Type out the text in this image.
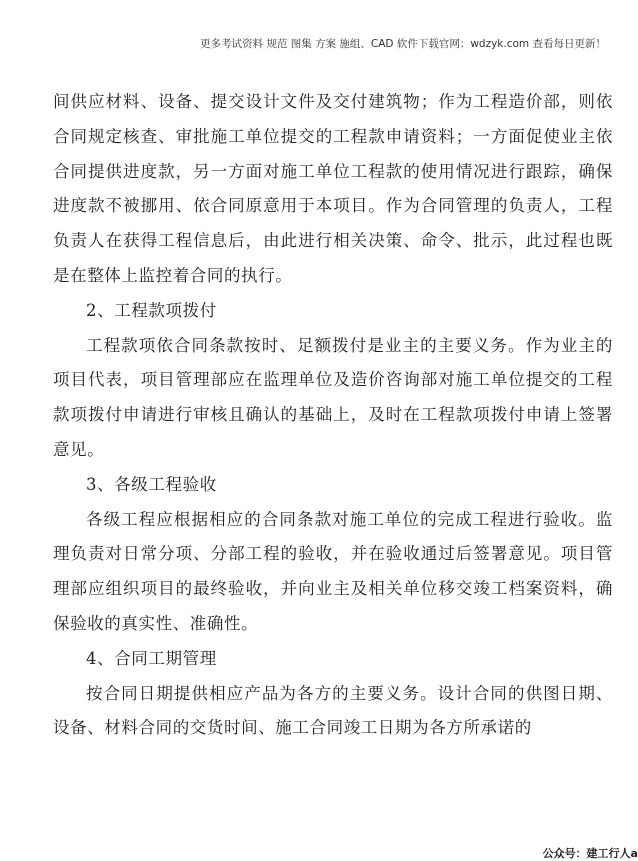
更多考试资料 规范 图集 方案 施组、CAD 软件下载官网：wdzyk.com 查看每日更新！

间供应材料、设备、提交设计文件及交付建筑物；作为工程造价部，则依合同规定核查、审批施工单位提交的工程款申请资料；一方面促使业主依合同提供进度款，另一方面对施工单位工程款的使用情况进行跟踪，确保进度款不被挪用、依合同原意用于本项目。作为合同管理的负责人，工程负责人在获得工程信息后，由此进行相关决策、命令、批示，此过程也既是在整体上监控着合同的执行。

2、工程款项拨付

工程款项依合同条款按时、足额拨付是业主的主要义务。作为业主的项目代表，项目管理部应在监理单位及造价咨询部对施工单位提交的工程款项拨付申请进行审核且确认的基础上，及时在工程款项拨付申请上签署意见。

3、各级工程验收

各级工程应根据相应的合同条款对施工单位的完成工程进行验收。监理负责对日常分项、分部工程的验收，并在验收通过后签署意见。项目管理部应组织项目的最终验收，并向业主及相关单位移交竣工档案资料，确保验收的真实性、准确性。

4、合同工期管理

按合同日期提供相应产品为各方的主要义务。设计合同的供图日期、设备、材料合同的交货时间、施工合同竣工日期为各方所承诺的

公众号：建工行人a
